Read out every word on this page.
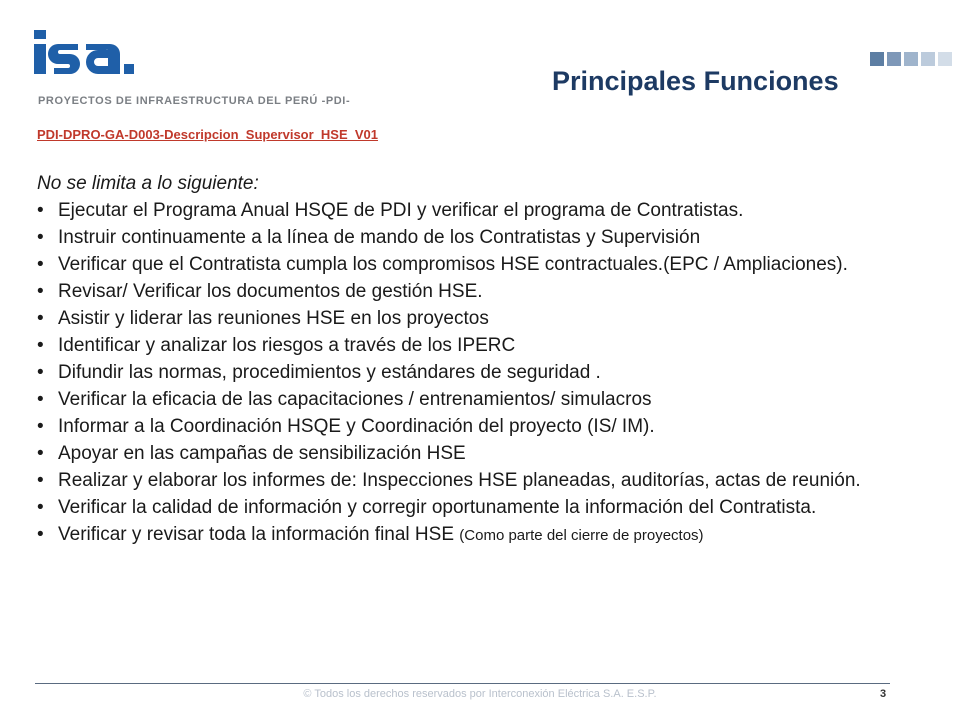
PROYECTOS DE INFRAESTRUCTURA DEL PERÚ -PDI-
Principales Funciones
PDI-DPRO-GA-D003-Descripcion_Supervisor_HSE_V01
No se limita a lo siguiente:
• Ejecutar el Programa Anual HSQE de PDI y verificar el programa de Contratistas.
• Instruir continuamente a la línea de mando de los Contratistas y Supervisión
• Verificar que el Contratista cumpla los compromisos HSE contractuales.(EPC / Ampliaciones).
• Revisar/ Verificar los documentos de gestión HSE.
• Asistir y liderar las reuniones HSE en los proyectos
• Identificar y analizar los riesgos a través de los IPERC
• Difundir las normas, procedimientos y estándares de seguridad .
• Verificar la eficacia de las capacitaciones / entrenamientos/ simulacros
• Informar a la Coordinación HSQE y Coordinación del proyecto (IS/ IM).
• Apoyar en las campañas de sensibilización HSE
• Realizar y elaborar los informes de: Inspecciones HSE planeadas, auditorías, actas de reunión.
• Verificar la calidad de información y corregir oportunamente la información del Contratista.
• Verificar y revisar toda la información final HSE (Como parte del cierre de proyectos)
© Todos los derechos reservados por Interconexión Eléctrica S.A. E.S.P.	3
